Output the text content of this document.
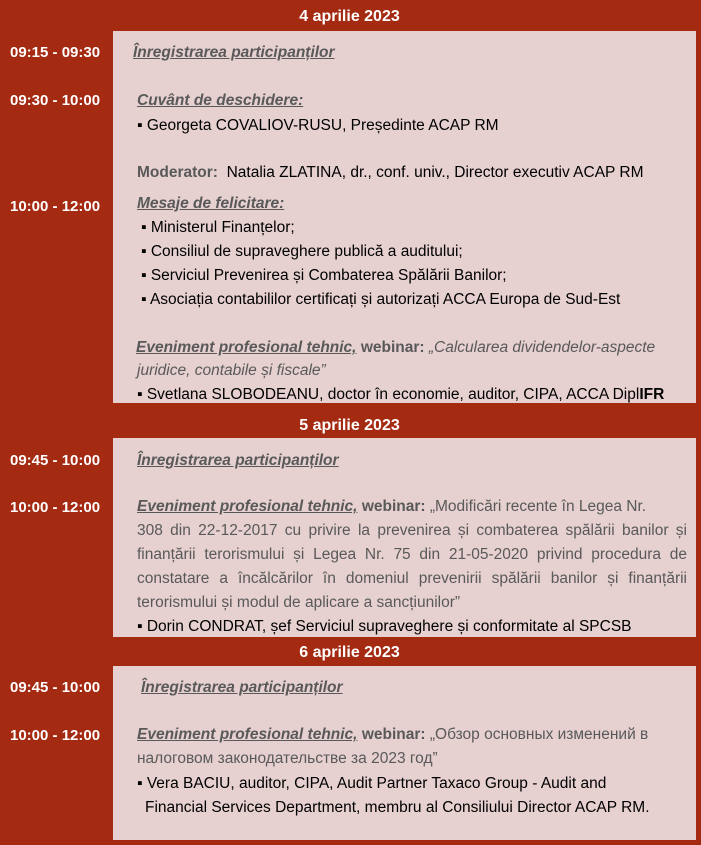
4 aprilie 2023
09:15 - 09:30 Înregistrarea participanților
09:30 - 10:00 Cuvânt de deschidere:
▪ Georgeta COVALIOV-RUSU, Președinte ACAP RM
Moderator: Natalia ZLATINA, dr., conf. univ., Director executiv ACAP RM
10:00 - 12:00 Mesaje de felicitare:
▪ Ministerul Finanțelor;
▪ Consiliul de supraveghere publică a auditului;
▪ Serviciul Prevenirea și Combaterea Spălării Banilor;
▪ Asociația contabililor certificați și autorizați ACCA Europa de Sud-Est
Eveniment profesional tehnic, webinar: „Calcularea dividendelor-aspecte
juridice, contabile și fiscale”
▪ Svetlana SLOBODEANU, doctor în economie, auditor, CIPA, ACCA DiplIFR
5 aprilie 2023
09:45 - 10:00 Înregistrarea participanților
10:00 - 12:00 Eveniment profesional tehnic, webinar: „Modificări recente în Legea Nr.
308 din 22-12-2017 cu privire la prevenirea și combaterea spălării banilor și
finanțării terorismului și Legea Nr. 75 din 21-05-2020 privind procedura de
constatare a încălcărilor în domeniul prevenirii spălării banilor și finanțării
terorismului și modul de aplicare a sancțiunilor”
▪ Dorin CONDRAT, șef Serviciul supraveghere și conformitate al SPCSB
6 aprilie 2023
09:45 - 10:00	Înregistrarea participanților
10:00 - 12:00 Eveniment profesional tehnic, webinar: „Обзор основных изменений в
налоговом законодательстве за 2023 год”
▪ Vera BACIU, auditor, CIPA, Audit Partner Taxaco Group - Audit and
Financial Services Department, membru al Consiliului Director ACAP RM.
